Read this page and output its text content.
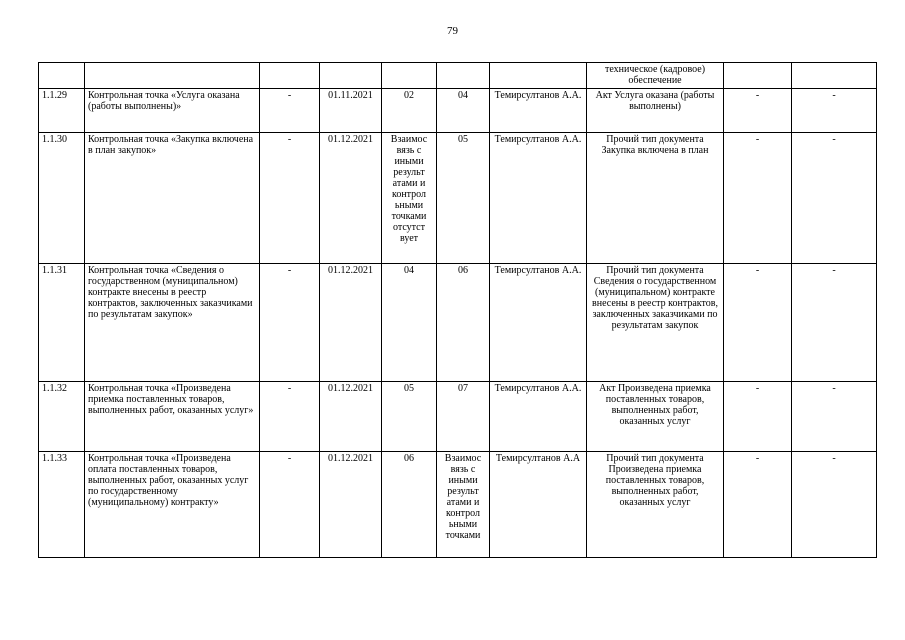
79
							техническое (кадровое) обеспечение		
1.1.29	Контрольная точка «Услуга оказана (работы выполнены)»	-	01.11.2021	02	04	Темирсултанов А.А.	Акт Услуга оказана (работы выполнены)	-	-
1.1.30	Контрольная точка «Закупка включена в план закупок»	-	01.12.2021	Взаимос вязь с иными результ атами и контрол ьными точками отсутст вует	05	Темирсултанов А.А.	Прочий тип документа Закупка включена в план	-	-
1.1.31	Контрольная точка «Сведения о государственном (муниципальном) контракте внесены в реестр контрактов, заключенных заказчиками по результатам закупок»	-	01.12.2021	04	06	Темирсултанов А.А.	Прочий тип документа Сведения о государственном (муниципальном) контракте внесены в реестр контрактов, заключенных заказчиками по результатам закупок	-	-
1.1.32	Контрольная точка «Произведена приемка поставленных товаров, выполненных работ, оказанных услуг»	-	01.12.2021	05	07	Темирсултанов А.А.	Акт Произведена приемка поставленных товаров, выполненных работ, оказанных услуг	-	-
1.1.33	Контрольная точка «Произведена оплата поставленных товаров, выполненных работ, оказанных услуг по государственному (муниципальному) контракту»	-	01.12.2021	06	Взаимос вязь с иными результ атами и контрол ьными точками	Темирсултанов А.А	Прочий тип документа Произведена приемка поставленных товаров, выполненных работ, оказанных услуг	-	-
